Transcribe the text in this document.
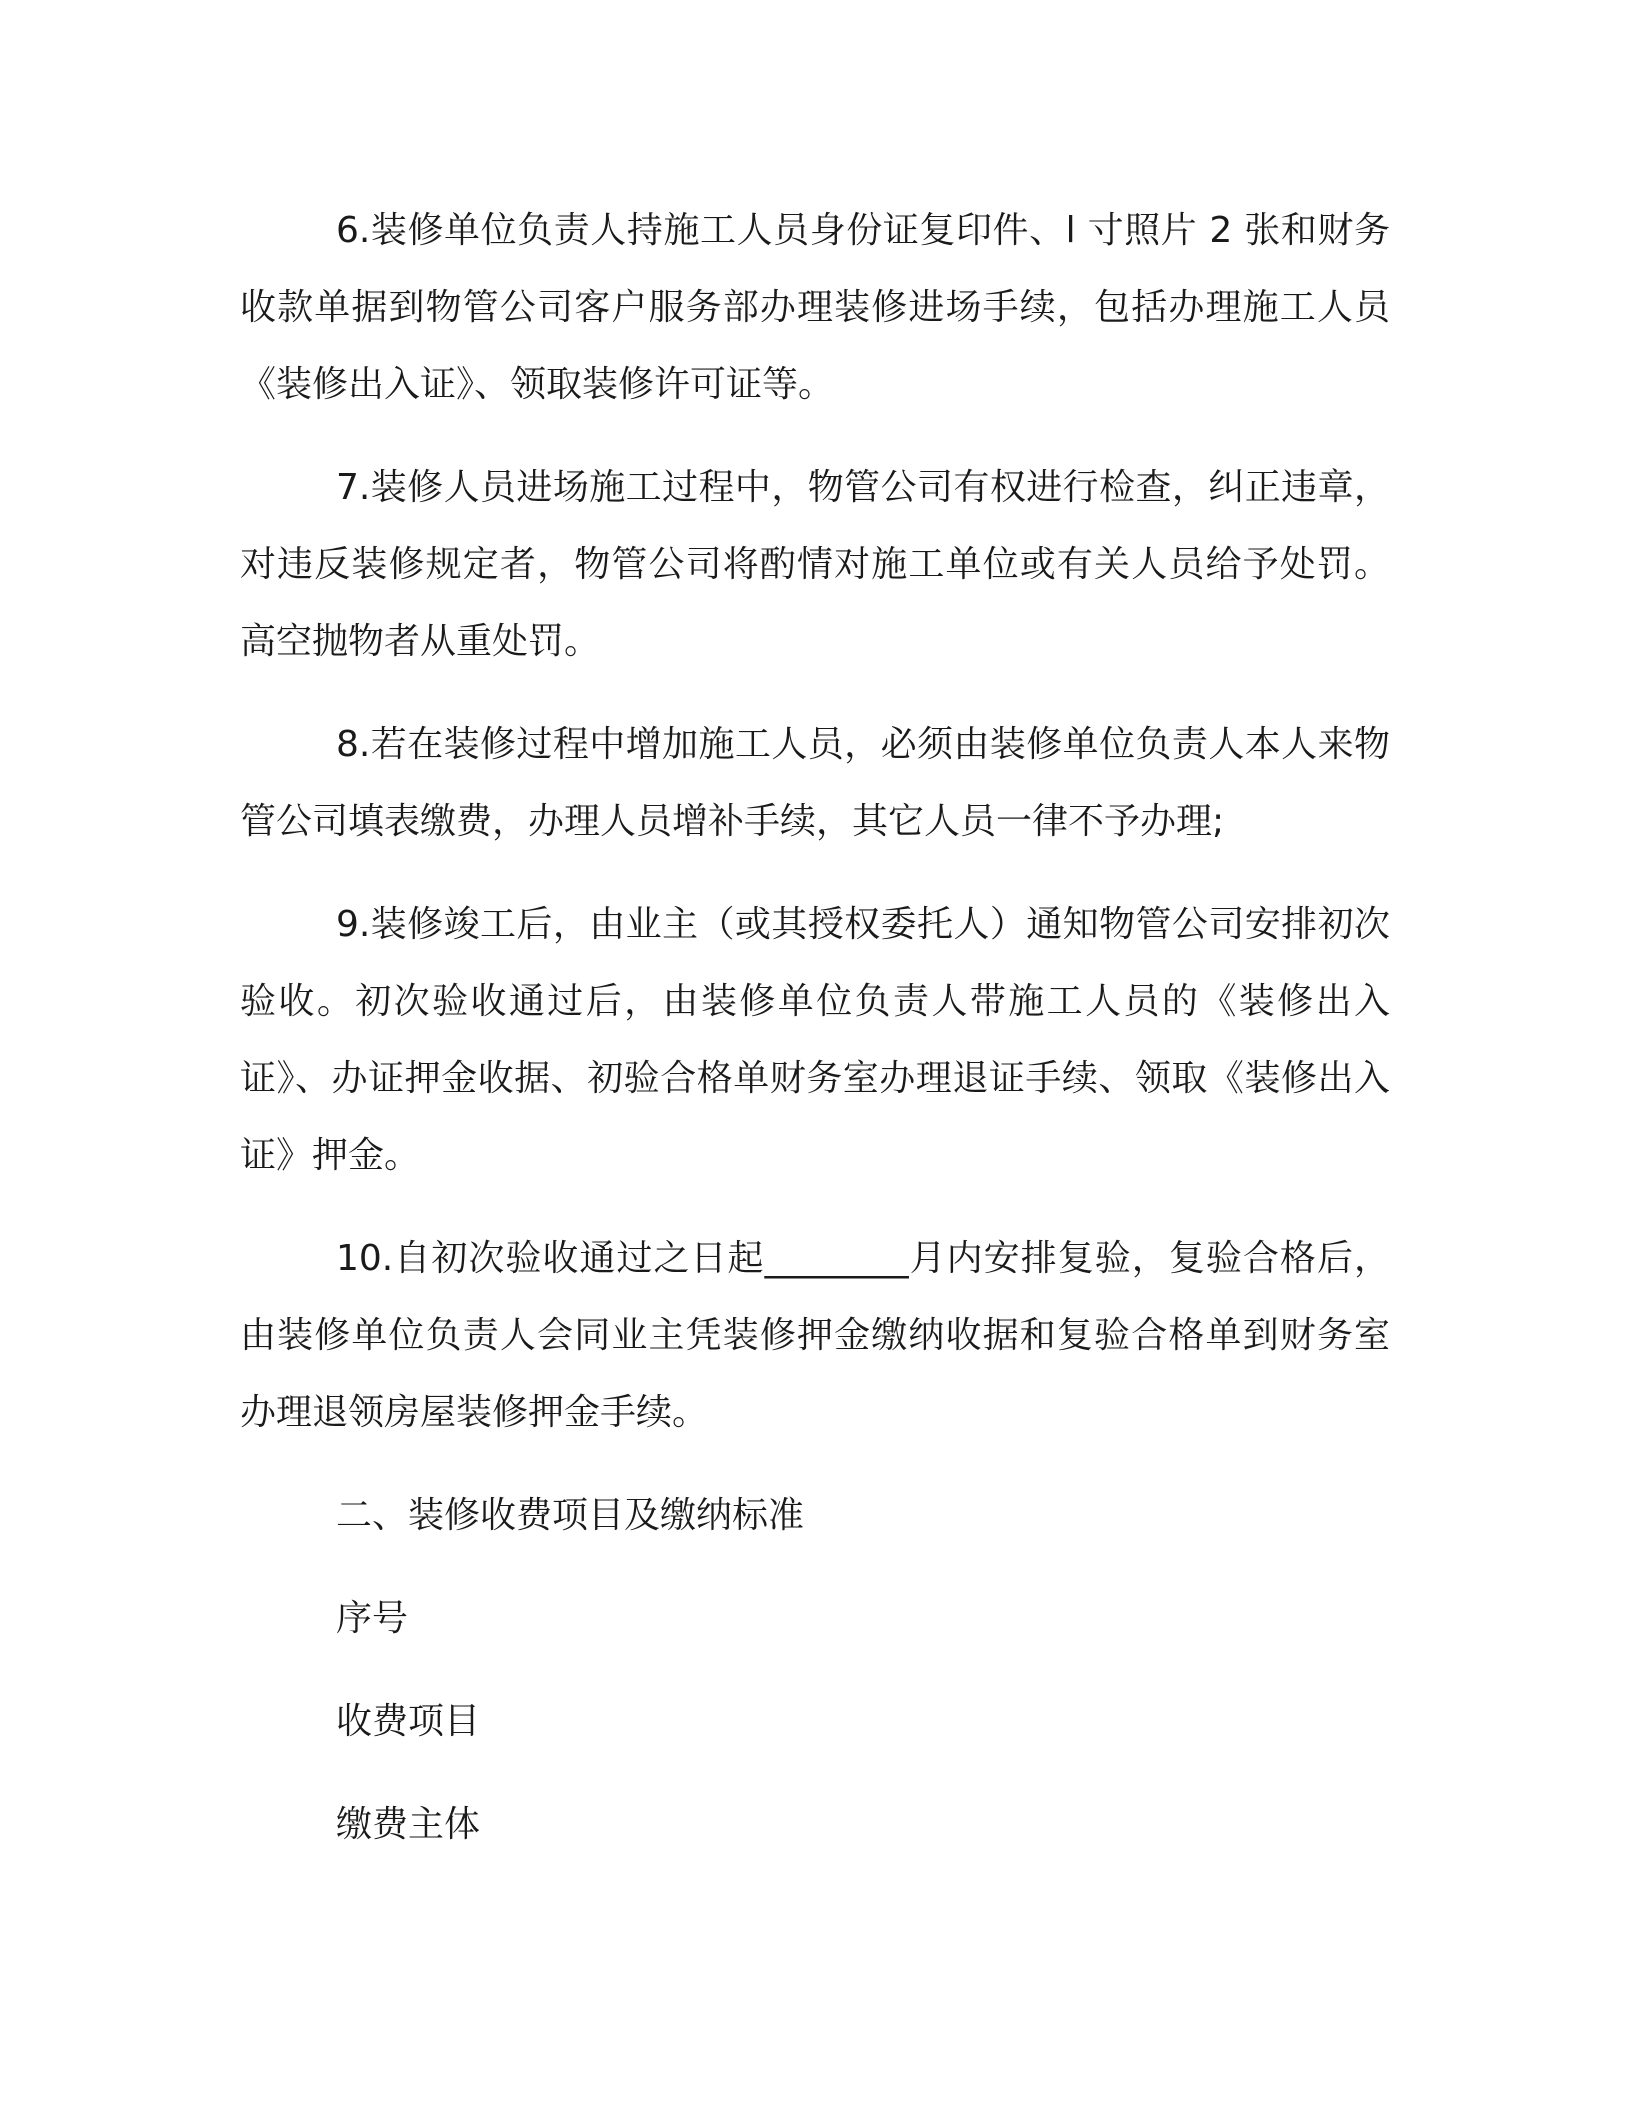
6.装修单位负责人持施工人员身份证复印件、l 寸照片 2 张和财务收款单据到物管公司客户服务部办理装修进场手续，包括办理施工人员《装修出入证》、领取装修许可证等。

7.装修人员进场施工过程中，物管公司有权进行检查，纠正违章，对违反装修规定者，物管公司将酌情对施工单位或有关人员给予处罚。高空抛物者从重处罚。

8.若在装修过程中增加施工人员，必须由装修单位负责人本人来物管公司填表缴费，办理人员增补手续，其它人员一律不予办理;

9.装修竣工后，由业主（或其授权委托人）通知物管公司安排初次验收。初次验收通过后，由装修单位负责人带施工人员的《装修出入证》、办证押金收据、初验合格单财务室办理退证手续、领取《装修出入证》押金。

10.自初次验收通过之日起________月内安排复验，复验合格后，由装修单位负责人会同业主凭装修押金缴纳收据和复验合格单到财务室办理退领房屋装修押金手续。

二、装修收费项目及缴纳标准

序号

收费项目

缴费主体
